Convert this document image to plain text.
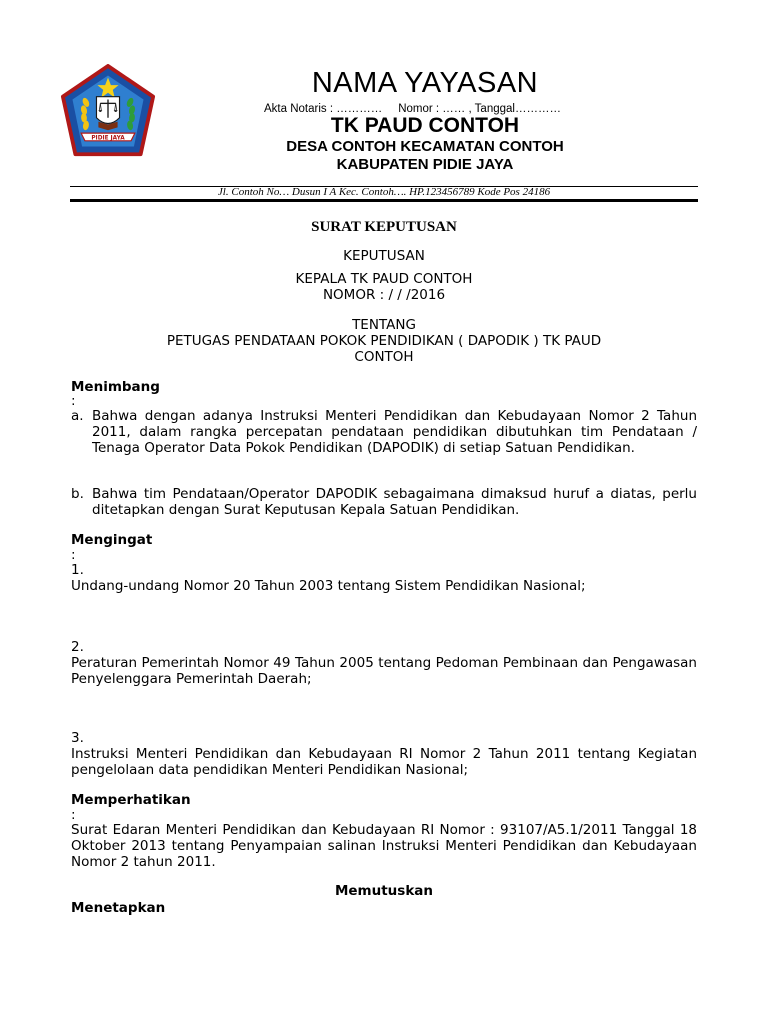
PIDIE JAYA
NAMA YAYASAN
Akta Notaris : ………… Nomor : …… , Tanggal…………
TK PAUD CONTOH
DESA CONTOH KECAMATAN CONTOH
KABUPATEN PIDIE JAYA
Jl. Contoh No… Dusun I A Kec. Contoh…. HP.123456789 Kode Pos 24186
SURAT KEPUTUSAN
KEPUTUSAN
KEPALA TK PAUD CONTOH
NOMOR : / / /2016
TENTANG
PETUGAS PENDATAAN POKOK PENDIDIKAN ( DAPODIK ) TK PAUD
CONTOH
Menimbang
:
a. Bahwa dengan adanya Instruksi Menteri Pendidikan dan Kebudayaan Nomor 2 Tahun 2011, dalam rangka percepatan pendataan pendidikan dibutuhkan tim Pendataan / Tenaga Operator Data Pokok Pendidikan (DAPODIK) di setiap Satuan Pendidikan.
b. Bahwa tim Pendataan/Operator DAPODIK sebagaimana dimaksud huruf a diatas, perlu ditetapkan dengan Surat Keputusan Kepala Satuan Pendidikan.
Mengingat
:
1.
Undang-undang Nomor 20 Tahun 2003 tentang Sistem Pendidikan Nasional;
2.
Peraturan Pemerintah Nomor 49 Tahun 2005 tentang Pedoman Pembinaan dan Pengawasan Penyelenggara Pemerintah Daerah;
3.
Instruksi Menteri Pendidikan dan Kebudayaan RI Nomor 2 Tahun 2011 tentang Kegiatan pengelolaan data pendidikan Menteri Pendidikan Nasional;
Memperhatikan
:
Surat Edaran Menteri Pendidikan dan Kebudayaan RI Nomor : 93107/A5.1/2011 Tanggal 18 Oktober 2013 tentang Penyampaian salinan Instruksi Menteri Pendidikan dan Kebudayaan Nomor 2 tahun 2011.
Memutuskan
Menetapkan
